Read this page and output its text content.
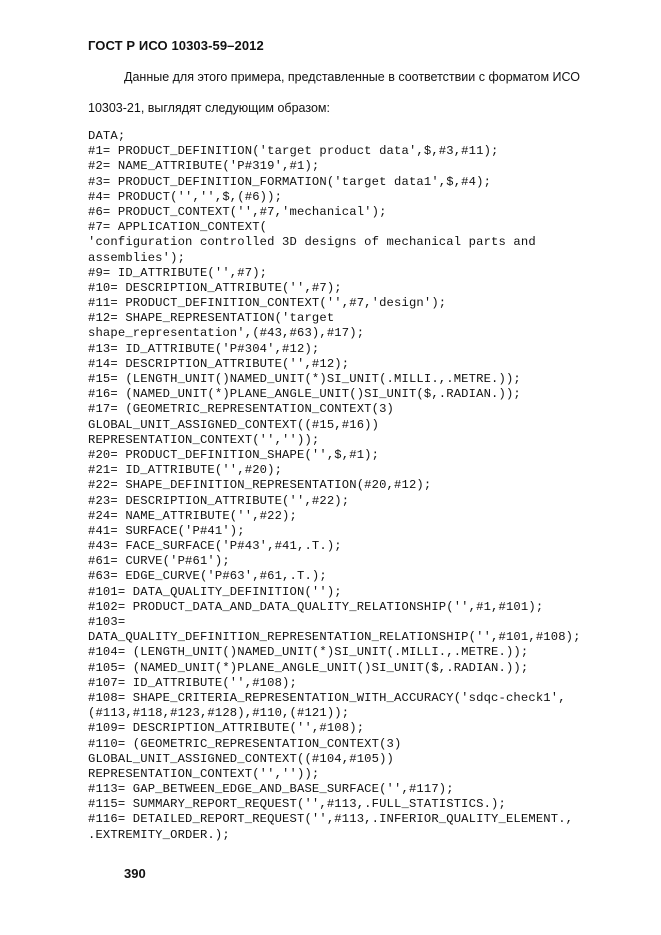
ГОСТ Р ИСО 10303-59–2012
Данные для этого примера, представленные в соответствии с форматом ИСО
10303-21, выглядят следующим образом:
DATA;
#1= PRODUCT_DEFINITION('target product data',$,#3,#11);
#2= NAME_ATTRIBUTE('P#319',#1);
#3= PRODUCT_DEFINITION_FORMATION('target data1',$,#4);
#4= PRODUCT('','',$,(#6));
#6= PRODUCT_CONTEXT('',#7,'mechanical');
#7= APPLICATION_CONTEXT(
'configuration controlled 3D designs of mechanical parts and
assemblies');
#9= ID_ATTRIBUTE('',#7);
#10= DESCRIPTION_ATTRIBUTE('',#7);
#11= PRODUCT_DEFINITION_CONTEXT('',#7,'design');
#12= SHAPE_REPRESENTATION('target
shape_representation',(#43,#63),#17);
#13= ID_ATTRIBUTE('P#304',#12);
#14= DESCRIPTION_ATTRIBUTE('',#12);
#15= (LENGTH_UNIT()NAMED_UNIT(*)SI_UNIT(.MILLI.,.METRE.));
#16= (NAMED_UNIT(*)PLANE_ANGLE_UNIT()SI_UNIT($,.RADIAN.));
#17= (GEOMETRIC_REPRESENTATION_CONTEXT(3)
GLOBAL_UNIT_ASSIGNED_CONTEXT((#15,#16))
REPRESENTATION_CONTEXT('',''));
#20= PRODUCT_DEFINITION_SHAPE('',$,#1);
#21= ID_ATTRIBUTE('',#20);
#22= SHAPE_DEFINITION_REPRESENTATION(#20,#12);
#23= DESCRIPTION_ATTRIBUTE('',#22);
#24= NAME_ATTRIBUTE('',#22);
#41= SURFACE('P#41');
#43= FACE_SURFACE('P#43',#41,.T.);
#61= CURVE('P#61');
#63= EDGE_CURVE('P#63',#61,.T.);
#101= DATA_QUALITY_DEFINITION('');
#102= PRODUCT_DATA_AND_DATA_QUALITY_RELATIONSHIP('',#1,#101);
#103=
DATA_QUALITY_DEFINITION_REPRESENTATION_RELATIONSHIP('',#101,#108);
#104= (LENGTH_UNIT()NAMED_UNIT(*)SI_UNIT(.MILLI.,.METRE.));
#105= (NAMED_UNIT(*)PLANE_ANGLE_UNIT()SI_UNIT($,.RADIAN.));
#107= ID_ATTRIBUTE('',#108);
#108= SHAPE_CRITERIA_REPRESENTATION_WITH_ACCURACY('sdqc-check1',
(#113,#118,#123,#128),#110,(#121));
#109= DESCRIPTION_ATTRIBUTE('',#108);
#110= (GEOMETRIC_REPRESENTATION_CONTEXT(3)
GLOBAL_UNIT_ASSIGNED_CONTEXT((#104,#105))
REPRESENTATION_CONTEXT('',''));
#113= GAP_BETWEEN_EDGE_AND_BASE_SURFACE('',#117);
#115= SUMMARY_REPORT_REQUEST('',#113,.FULL_STATISTICS.);
#116= DETAILED_REPORT_REQUEST('',#113,.INFERIOR_QUALITY_ELEMENT.,
.EXTREMITY_ORDER.);
390
